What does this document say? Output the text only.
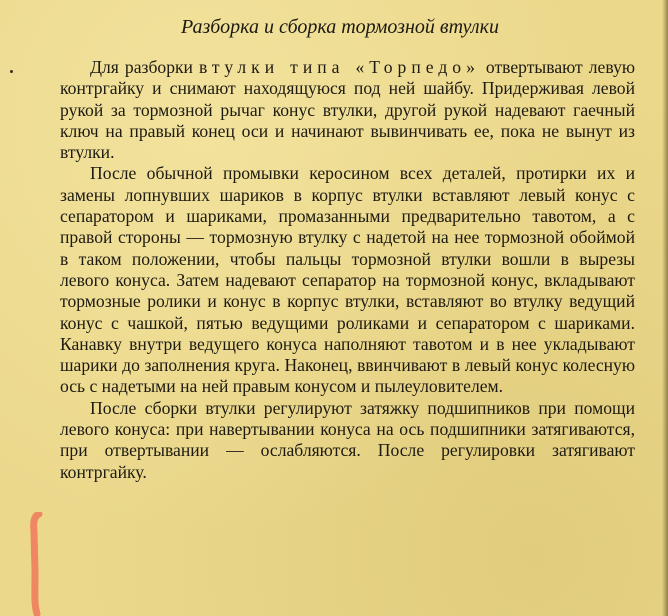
Разборка и сборка тормозной втулки

Для разборки втулки типа «Торпедо» отвертывают левую контргайку и снимают находящуюся под ней шайбу. Придерживая левой рукой за тормозной рычаг конус втулки, другой рукой надевают гаечный ключ на правый конец оси и начинают вывинчивать ее, пока не вынут из втулки.

После обычной промывки керосином всех деталей, протирки их и замены лопнувших шариков в корпус втулки вставляют левый конус с сепаратором и шариками, промазанными предварительно тавотом, а с правой стороны — тормозную втулку с надетой на нее тормозной обоймой в таком положении, чтобы пальцы тормозной втулки вошли в вырезы левого конуса. Затем надевают сепаратор на тормозной конус, вкладывают тормозные ролики и конус в корпус втулки, вставляют во втулку ведущий конус с чашкой, пятью ведущими роликами и сепаратором с шариками. Канавку внутри ведущего конуса наполняют тавотом и в нее укладывают шарики до заполнения круга. Наконец, ввинчивают в левый конус колесную ось с надетыми на ней правым конусом и пылеуловителем.

После сборки втулки регулируют затяжку подшипников при помощи левого конуса: при навертывании конуса на ось подшипники затягиваются, при отвертывании — ослабляются. После регулировки затягивают контргайку.
